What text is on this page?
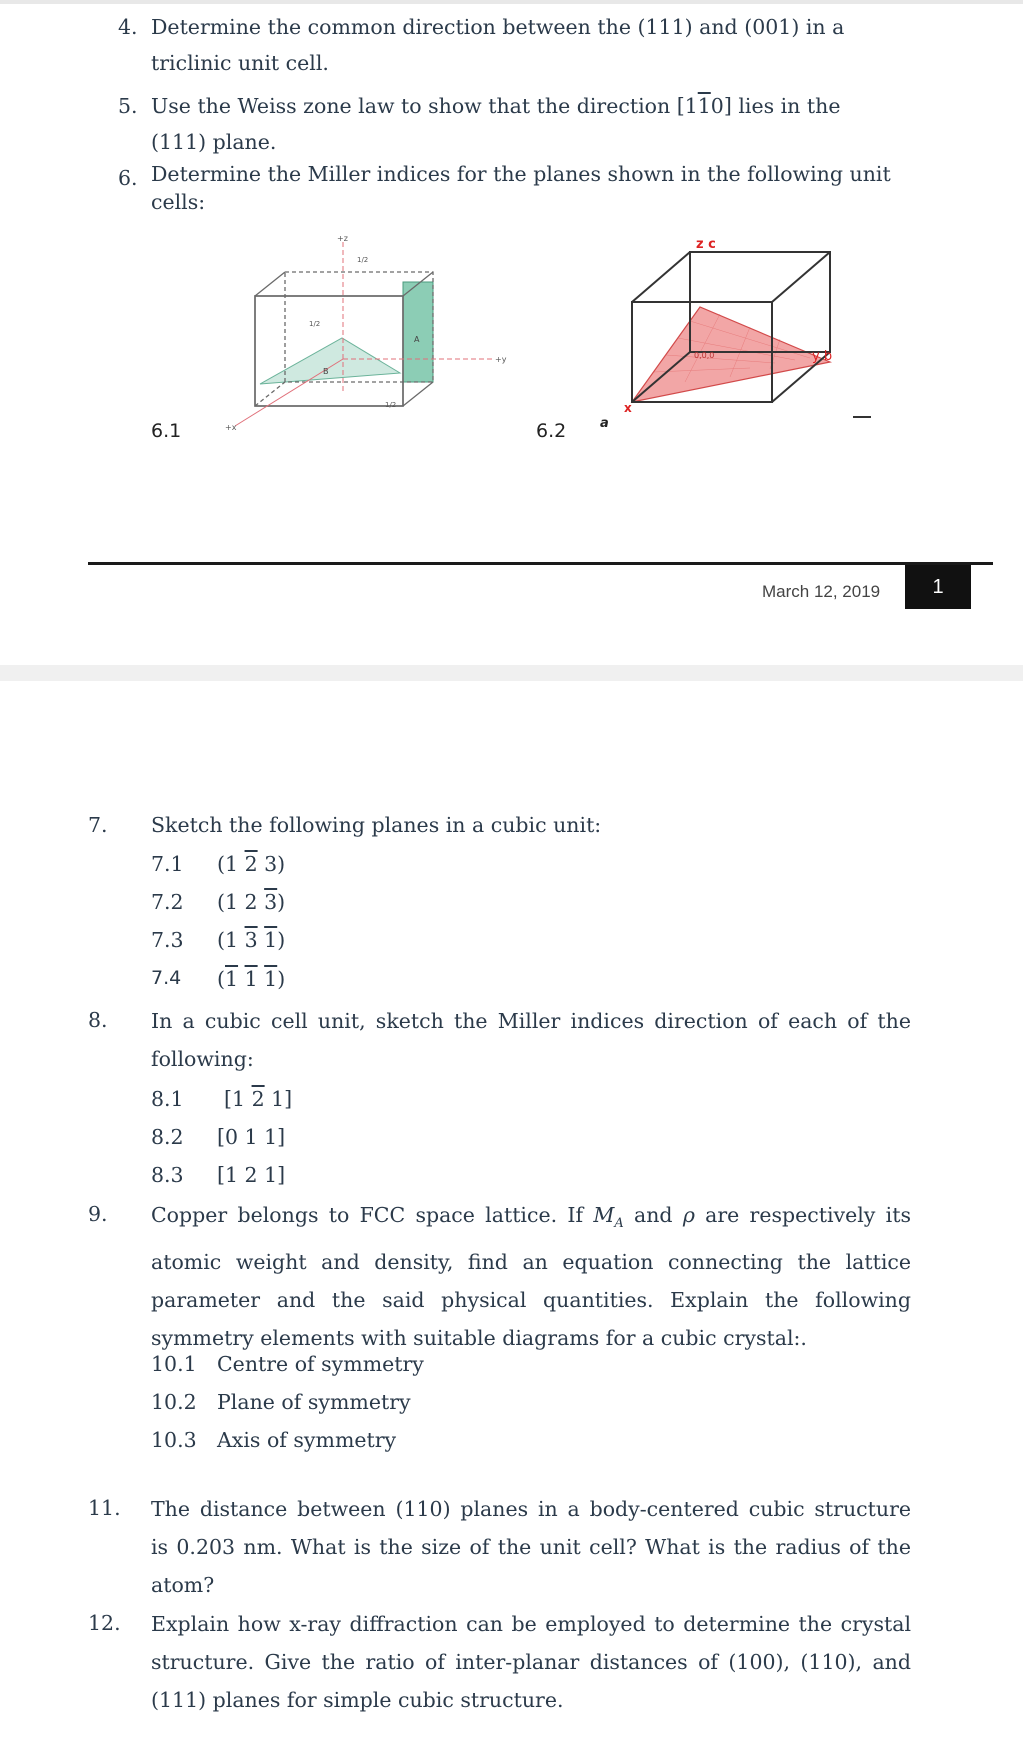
4. Determine the common direction between the (111) and (001) in a triclinic unit cell.
5. Use the Weiss zone law to show that the direction [110] lies in the (111) plane.
6. Determine the Miller indices for the planes shown in the following unit cells:
6.1	6.2
+z
+y
+x
1/2
1/2
1/2
A
B
z c
y b
x
a
0,0,0
March 12, 2019	1
7. Sketch the following planes in a cubic unit:
7.1 (1 2 3)
7.2 (1 2 3)
7.3 (1 3 1)
7.4 (1 1 1)
8. In a cubic cell unit, sketch the Miller indices direction of each of the following:
8.1 [1 2 1]
8.2 [0 1 1]
8.3 [1 2 1]
9. Copper belongs to FCC space lattice. If $M_A$ and ρ are respectively its
atomic weight and density, find an equation connecting the lattice
parameter and the said physical quantities. Explain the following
symmetry elements with suitable diagrams for a cubic crystal:.
10.1 Centre of symmetry
10.2 Plane of symmetry
10.3 Axis of symmetry
11. The distance between (110) planes in a body-centered cubic structure
is 0.203 nm. What is the size of the unit cell? What is the radius of the
atom?
12. Explain how x-ray diffraction can be employed to determine the crystal
structure. Give the ratio of inter-planar distances of (100), (110), and
(111) planes for simple cubic structure.
